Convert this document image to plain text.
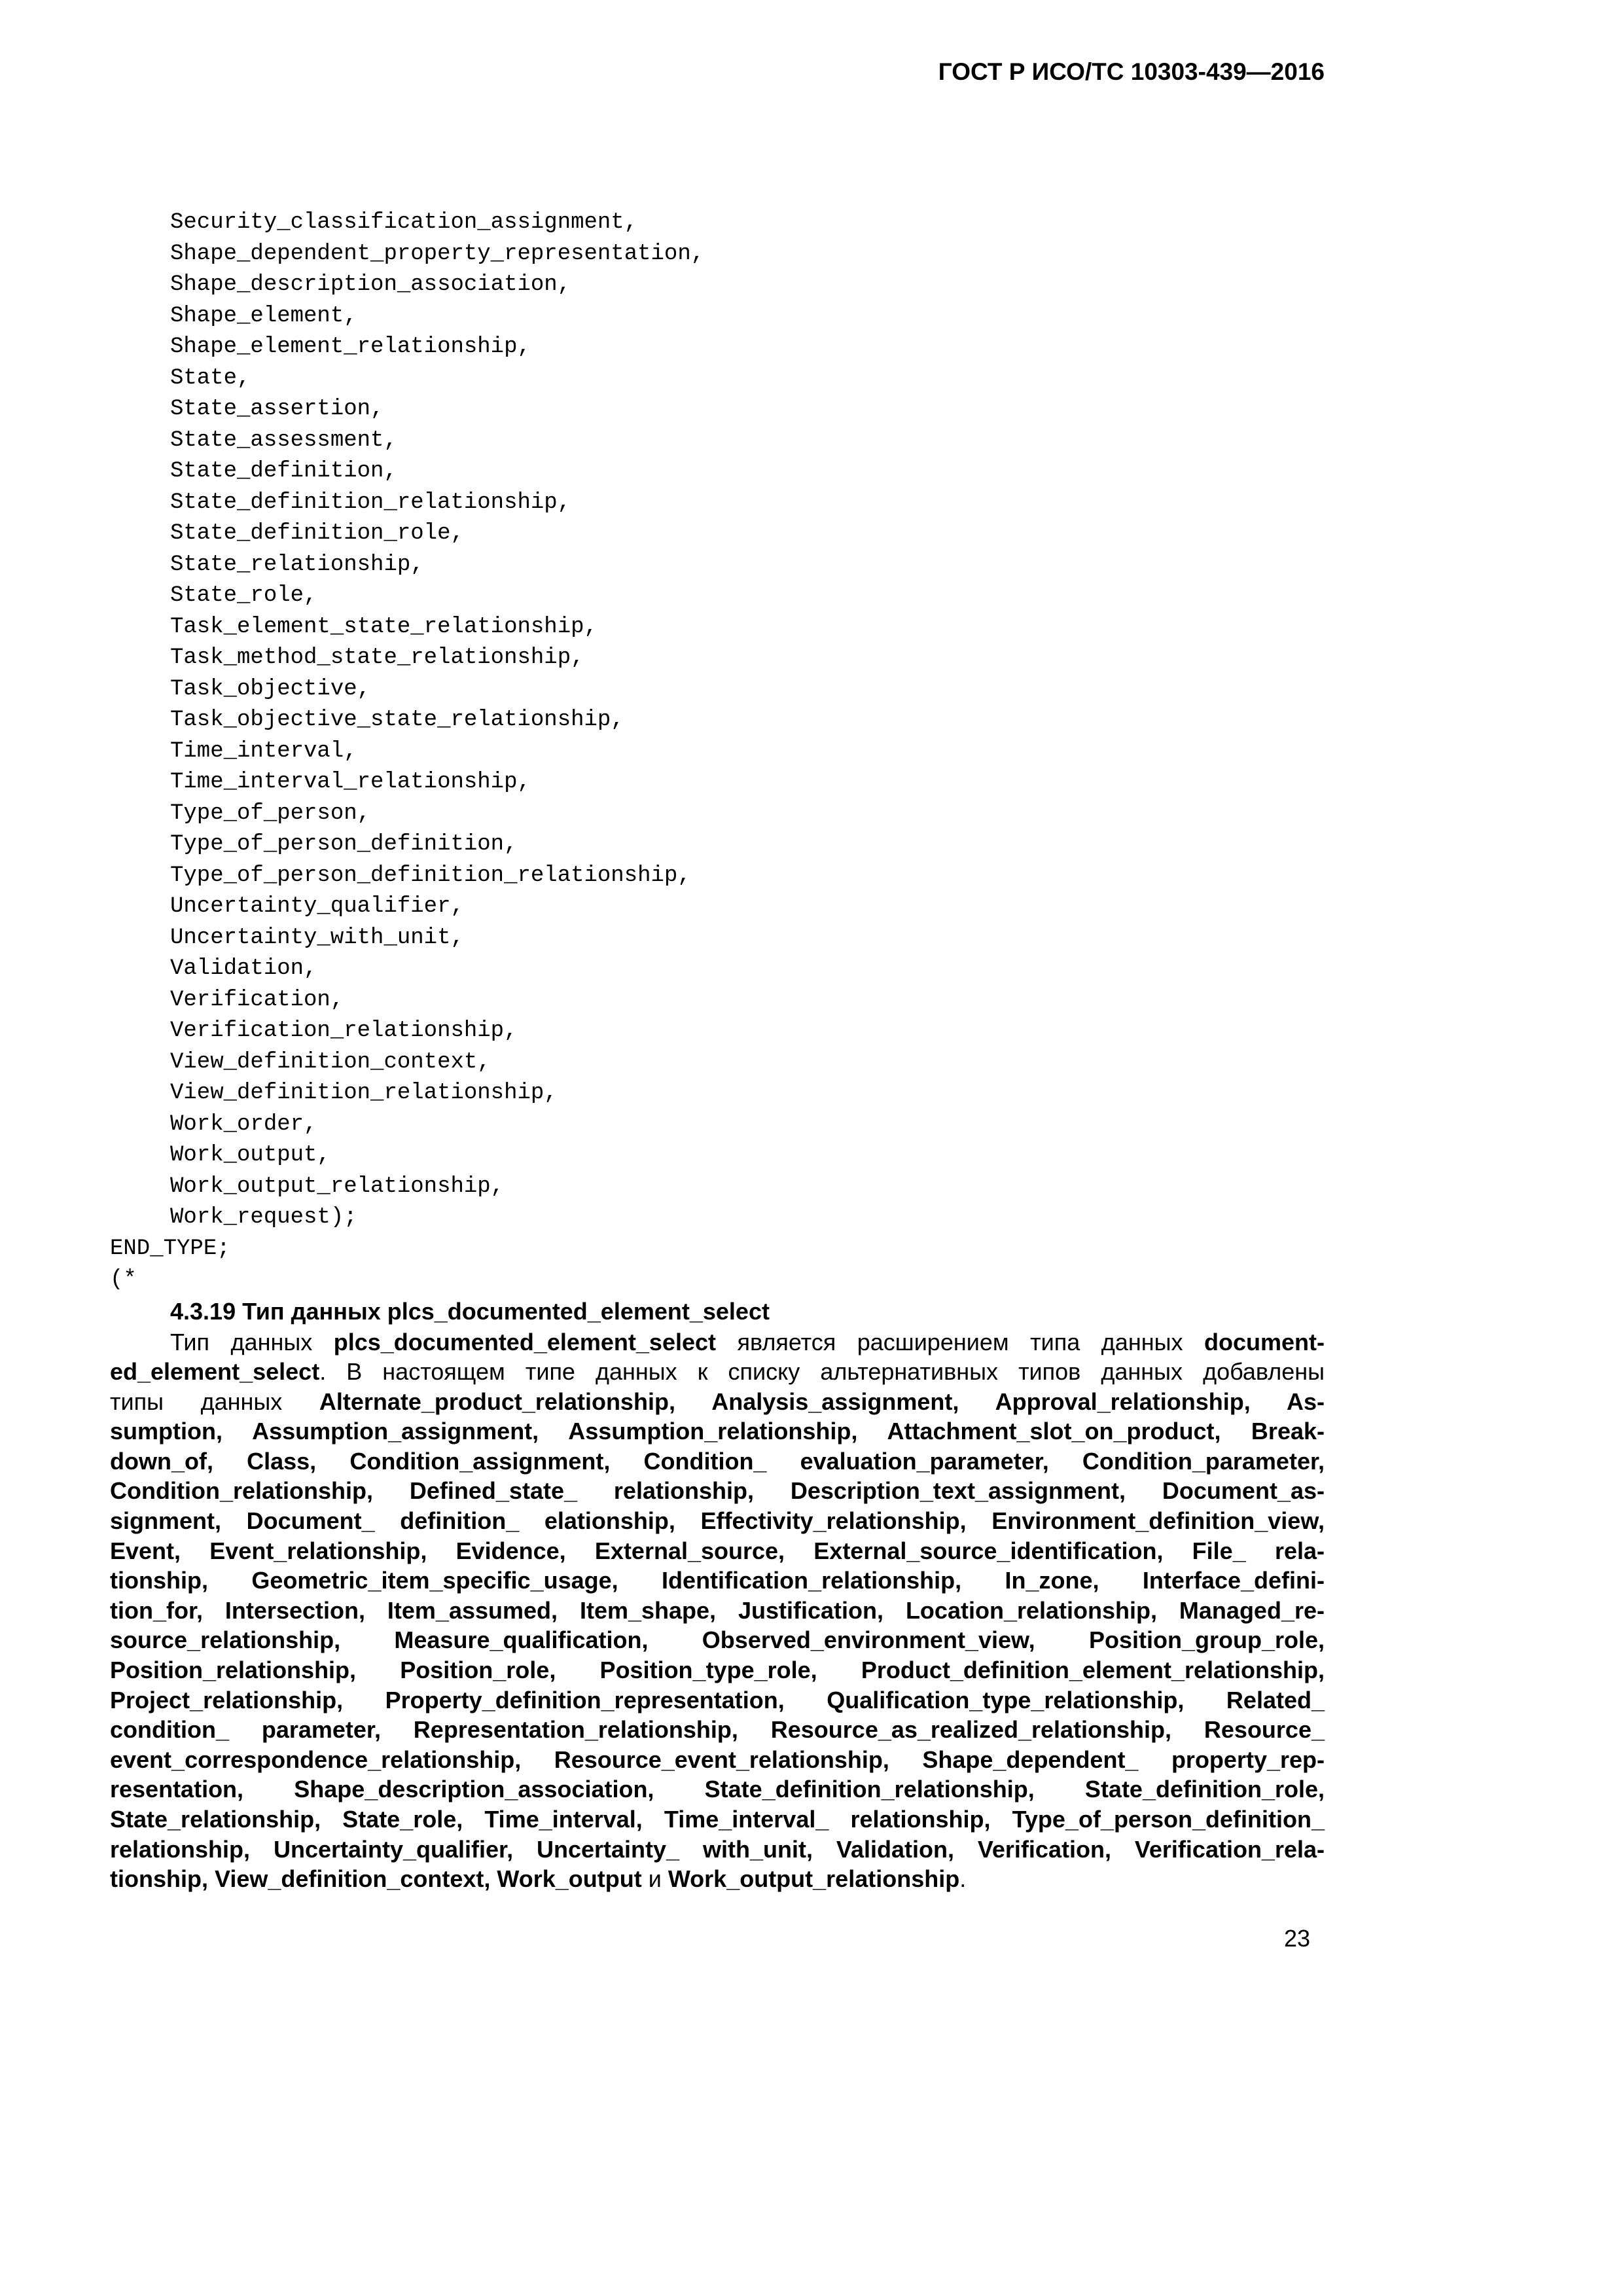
ГОСТ Р ИСО/ТС 10303-439—2016
Security_classification_assignment,
Shape_dependent_property_representation,
Shape_description_association,
Shape_element,
Shape_element_relationship,
State,
State_assertion,
State_assessment,
State_definition,
State_definition_relationship,
State_definition_role,
State_relationship,
State_role,
Task_element_state_relationship,
Task_method_state_relationship,
Task_objective,
Task_objective_state_relationship,
Time_interval,
Time_interval_relationship,
Type_of_person,
Type_of_person_definition,
Type_of_person_definition_relationship,
Uncertainty_qualifier,
Uncertainty_with_unit,
Validation,
Verification,
Verification_relationship,
View_definition_context,
View_definition_relationship,
Work_order,
Work_output,
Work_output_relationship,
Work_request);
END_TYPE;
(*
4.3.19 Тип данных plcs_documented_element_select
Тип данных plcs_documented_element_select является расширением типа данных document-
ed_element_select. В настоящем типе данных к списку альтернативных типов данных добавлены
типы данных Alternate_product_relationship, Analysis_assignment, Approval_relationship, As-
sumption, Assumption_assignment, Assumption_relationship, Attachment_slot_on_product, Break-
down_of, Class, Condition_assignment, Condition_ evaluation_parameter, Condition_parameter,
Condition_relationship, Defined_state_ relationship, Description_text_assignment, Document_as-
signment, Document_ definition_ elationship, Effectivity_relationship, Environment_definition_view,
Event, Event_relationship, Evidence, External_source, External_source_identification, File_ rela-
tionship, Geometric_item_specific_usage, Identification_relationship, In_zone, Interface_defini-
tion_for, Intersection, Item_assumed, Item_shape, Justification, Location_relationship, Managed_re-
source_relationship, Measure_qualification, Observed_environment_view, Position_group_role,
Position_relationship, Position_role, Position_type_role, Product_definition_element_relationship,
Project_relationship, Property_definition_representation, Qualification_type_relationship, Related_
condition_ parameter, Representation_relationship, Resource_as_realized_relationship, Resource_
event_correspondence_relationship, Resource_event_relationship, Shape_dependent_ property_rep-
resentation, Shape_description_association, State_definition_relationship, State_definition_role,
State_relationship, State_role, Time_interval, Time_interval_ relationship, Type_of_person_definition_
relationship, Uncertainty_qualifier, Uncertainty_ with_unit, Validation, Verification, Verification_rela-
tionship, View_definition_context, Work_output и Work_output_relationship.
23
